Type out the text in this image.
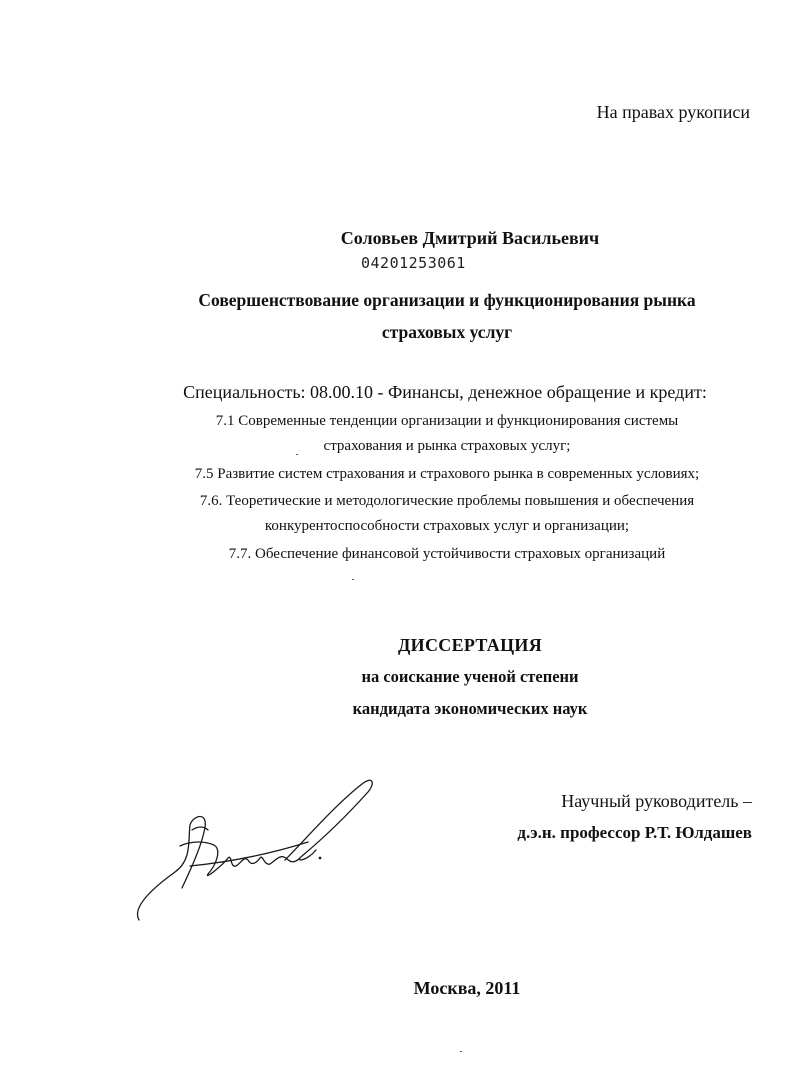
На правах рукописи
Соловьев Дмитрий Васильевич
04201253061
Совершенствование организации и функционирования рынка
страховых услуг
Специальность: 08.00.10 - Финансы, денежное обращение и кредит:
7.1 Современные тенденции организации и функционирования системы
страхования и рынка страховых услуг;
7.5 Развитие систем страхования и страхового рынка в современных условиях;
7.6. Теоретические и методологические проблемы повышения и обеспечения
конкурентоспособности страховых услуг и организации;
7.7. Обеспечение финансовой устойчивости страховых организаций
ДИССЕРТАЦИЯ
на соискание ученой степени
кандидата экономических наук
Научный руководитель –
д.э.н. профессор Р.Т. Юлдашев
Москва, 2011
